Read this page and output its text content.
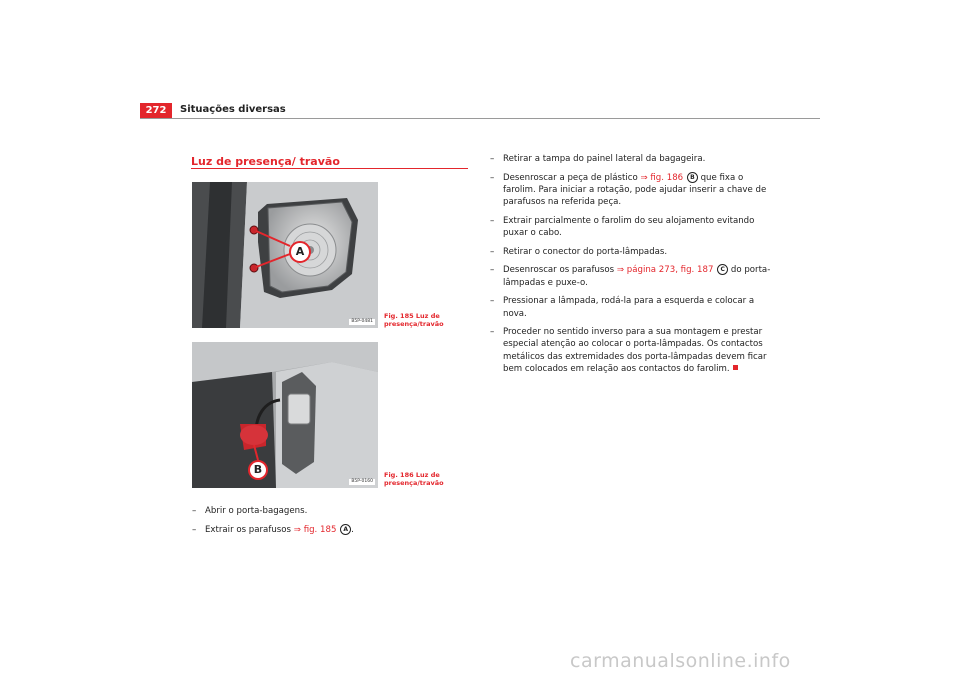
272	Situações diversas
Luz de presença/ travão
A
B5P-0481
Fig. 185 Luz de presença/travão
B
B5P-0160
Fig. 186 Luz de presença/travão
– Abrir o porta-bagagens.
– Extrair os parafusos ⇒ fig. 185 A .
– Retirar a tampa do painel lateral da bagageira.
– Desenroscar a peça de plástico ⇒ fig. 186 B que fixa o farolim. Para iniciar a rotação, pode ajudar inserir a chave de parafusos na referida peça.
– Extrair parcialmente o farolim do seu alojamento evitando puxar o cabo.
– Retirar o conector do porta-lâmpadas.
– Desenroscar os parafusos ⇒ página 273, fig. 187 C do porta-lâmpadas e puxe-o.
– Pressionar a lâmpada, rodá-la para a esquerda e colocar a nova.
– Proceder no sentido inverso para a sua montagem e prestar especial atenção ao colocar o porta-lâmpadas. Os contactos metálicos das extremidades dos porta-lâmpadas devem ficar bem colocados em relação aos contactos do farolim.
carmanualsonline.info
